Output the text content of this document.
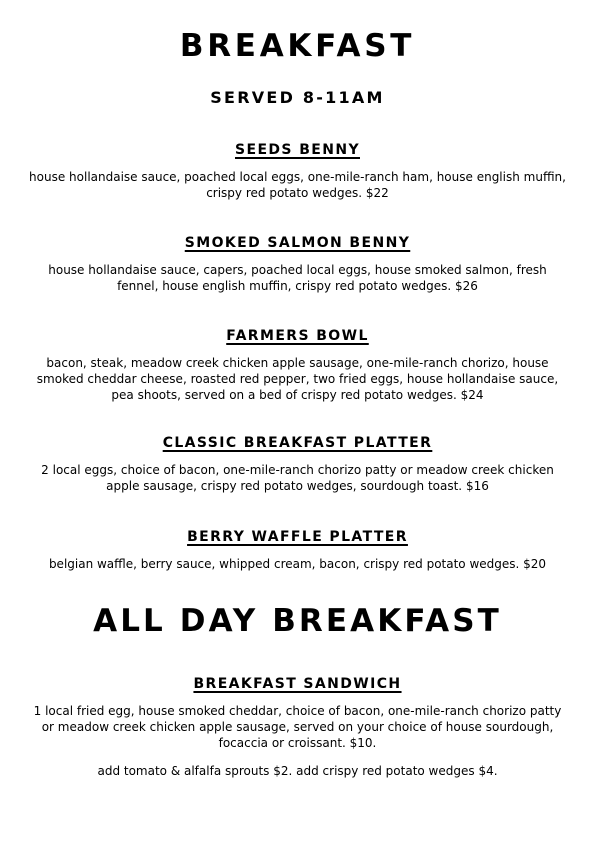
BREAKFAST
SERVED 8-11AM
SEEDS BENNY

house hollandaise sauce, poached local eggs, one-mile-ranch ham, house english muffin, crispy red potato wedges. $22

SMOKED SALMON BENNY

house hollandaise sauce, capers, poached local eggs, house smoked salmon, fresh fennel, house english muffin, crispy red potato wedges. $26

FARMERS BOWL

bacon, steak, meadow creek chicken apple sausage, one-mile-ranch chorizo, house smoked cheddar cheese, roasted red pepper, two fried eggs, house hollandaise sauce, pea shoots, served on a bed of crispy red potato wedges. $24

CLASSIC BREAKFAST PLATTER

2 local eggs, choice of bacon, one-mile-ranch chorizo patty or meadow creek chicken apple sausage, crispy red potato wedges, sourdough toast. $16

BERRY WAFFLE PLATTER

belgian waffle, berry sauce, whipped cream, bacon, crispy red potato wedges. $20

ALL DAY BREAKFAST
BREAKFAST SANDWICH

1 local fried egg, house smoked cheddar, choice of bacon, one-mile-ranch chorizo patty or meadow creek chicken apple sausage, served on your choice of house sourdough, focaccia or croissant. $10.

add tomato & alfalfa sprouts $2. add crispy red potato wedges $4.
